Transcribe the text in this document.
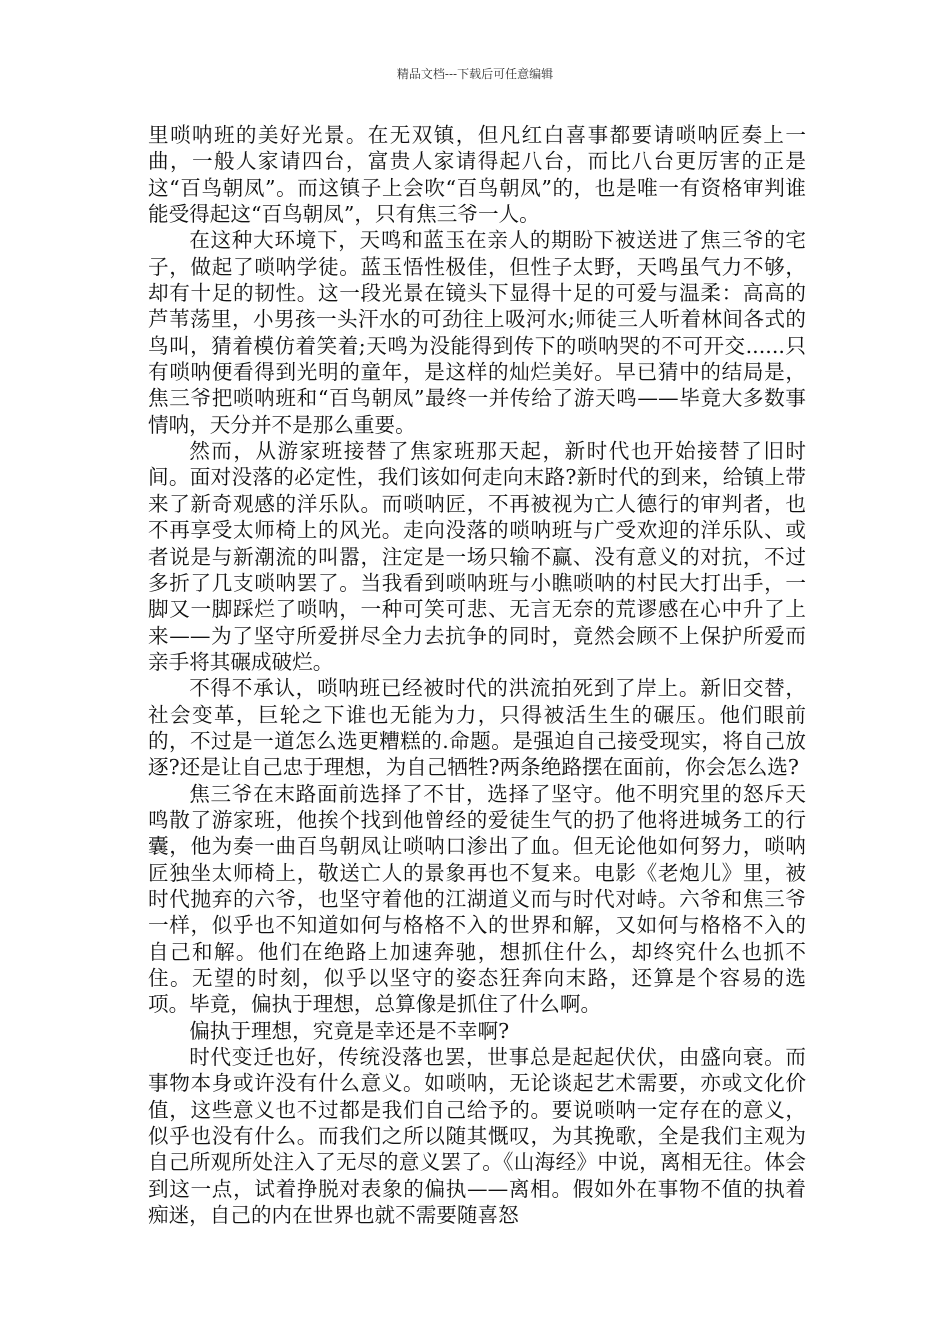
精品文档---下载后可任意编辑

里唢呐班的美好光景。在无双镇，但凡红白喜事都要请唢呐匠奏上一曲，一般人家请四台，富贵人家请得起八台，而比八台更厉害的正是这“百鸟朝凤”。而这镇子上会吹“百鸟朝凤”的，也是唯一有资格审判谁能受得起这“百鸟朝凤”，只有焦三爷一人。

在这种大环境下，天鸣和蓝玉在亲人的期盼下被送进了焦三爷的宅子，做起了唢呐学徒。蓝玉悟性极佳，但性子太野，天鸣虽气力不够，却有十足的韧性。这一段光景在镜头下显得十足的可爱与温柔：高高的芦苇荡里，小男孩一头汗水的可劲往上吸河水;师徒三人听着林间各式的鸟叫，猜着模仿着笑着;天鸣为没能得到传下的唢呐哭的不可开交......只有唢呐便看得到光明的童年，是这样的灿烂美好。早已猜中的结局是，焦三爷把唢呐班和“百鸟朝凤”最终一并传给了游天鸣——毕竟大多数事情呐，天分并不是那么重要。

然而，从游家班接替了焦家班那天起，新时代也开始接替了旧时间。面对没落的必定性，我们该如何走向末路?新时代的到来，给镇上带来了新奇观感的洋乐队。而唢呐匠，不再被视为亡人德行的审判者，也不再享受太师椅上的风光。走向没落的唢呐班与广受欢迎的洋乐队、或者说是与新潮流的叫嚣，注定是一场只输不赢、没有意义的对抗，不过多折了几支唢呐罢了。当我看到唢呐班与小瞧唢呐的村民大打出手，一脚又一脚踩烂了唢呐，一种可笑可悲、无言无奈的荒谬感在心中升了上来——为了坚守所爱拼尽全力去抗争的同时，竟然会顾不上保护所爱而亲手将其碾成破烂。

不得不承认，唢呐班已经被时代的洪流拍死到了岸上。新旧交替，社会变革，巨轮之下谁也无能为力，只得被活生生的碾压。他们眼前的，不过是一道怎么选更糟糕的.命题。是强迫自己接受现实，将自己放逐?还是让自己忠于理想，为自己牺牲?两条绝路摆在面前，你会怎么选?

焦三爷在末路面前选择了不甘，选择了坚守。他不明究里的怒斥天鸣散了游家班，他挨个找到他曾经的爱徒生气的扔了他将进城务工的行囊，他为奏一曲百鸟朝凤让唢呐口渗出了血。但无论他如何努力，唢呐匠独坐太师椅上，敬送亡人的景象再也不复来。电影《老炮儿》里，被时代抛弃的六爷，也坚守着他的江湖道义而与时代对峙。六爷和焦三爷一样，似乎也不知道如何与格格不入的世界和解，又如何与格格不入的自己和解。他们在绝路上加速奔驰，想抓住什么，却终究什么也抓不住。无望的时刻，似乎以坚守的姿态狂奔向末路，还算是个容易的选项。毕竟，偏执于理想，总算像是抓住了什么啊。

偏执于理想，究竟是幸还是不幸啊?

时代变迁也好，传统没落也罢，世事总是起起伏伏，由盛向衰。而事物本身或许没有什么意义。如唢呐，无论谈起艺术需要，亦或文化价值，这些意义也不过都是我们自己给予的。要说唢呐一定存在的意义，似乎也没有什么。而我们之所以随其慨叹，为其挽歌，全是我们主观为自己所观所处注入了无尽的意义罢了。《山海经》中说，离相无往。体会到这一点，试着挣脱对表象的偏执——离相。假如外在事物不值的执着痴迷，自己的内在世界也就不需要随喜怒
